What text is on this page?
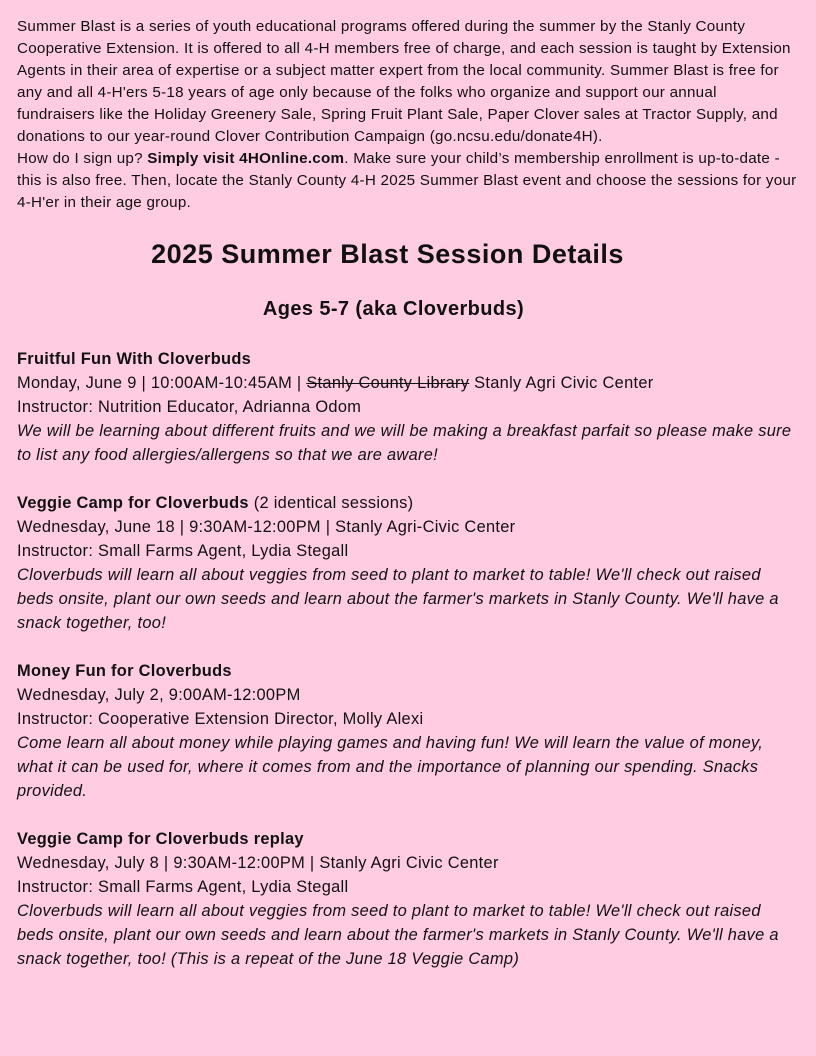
Summer Blast is a series of youth educational programs offered during the summer by the Stanly County Cooperative Extension. It is offered to all 4-H members free of charge, and each session is taught by Extension Agents in their area of expertise or a subject matter expert from the local community. Summer Blast is free for any and all 4-H'ers 5-18 years of age only because of the folks who organize and support our annual fundraisers like the Holiday Greenery Sale, Spring Fruit Plant Sale, Paper Clover sales at Tractor Supply, and donations to our year-round Clover Contribution Campaign (go.ncsu.edu/donate4H).

How do I sign up? Simply visit 4HOnline.com. Make sure your child’s membership enrollment is up-to-date - this is also free. Then, locate the Stanly County 4-H 2025 Summer Blast event and choose the sessions for your 4-H'er in their age group.

2025 Summer Blast Session Details
Ages 5-7 (aka Cloverbuds)
Fruitful Fun With Cloverbuds
Monday, June 9 | 10:00AM-10:45AM | Stanly County Library Stanly Agri Civic Center
Instructor: Nutrition Educator, Adrianna Odom
We will be learning about different fruits and we will be making a breakfast parfait so please make sure to list any food allergies/allergens so that we are aware!
Veggie Camp for Cloverbuds (2 identical sessions)
Wednesday, June 18 | 9:30AM-12:00PM | Stanly Agri-Civic Center
Instructor: Small Farms Agent, Lydia Stegall
Cloverbuds will learn all about veggies from seed to plant to market to table! We'll check out raised beds onsite, plant our own seeds and learn about the farmer's markets in Stanly County. We'll have a snack together, too!
Money Fun for Cloverbuds
Wednesday, July 2, 9:00AM-12:00PM
Instructor: Cooperative Extension Director, Molly Alexi
Come learn all about money while playing games and having fun! We will learn the value of money, what it can be used for, where it comes from and the importance of planning our spending. Snacks provided.
Veggie Camp for Cloverbuds replay
Wednesday, July 8 | 9:30AM-12:00PM | Stanly Agri Civic Center
Instructor: Small Farms Agent, Lydia Stegall
Cloverbuds will learn all about veggies from seed to plant to market to table! We'll check out raised beds onsite, plant our own seeds and learn about the farmer's markets in Stanly County. We'll have a snack together, too! (This is a repeat of the June 18 Veggie Camp)
